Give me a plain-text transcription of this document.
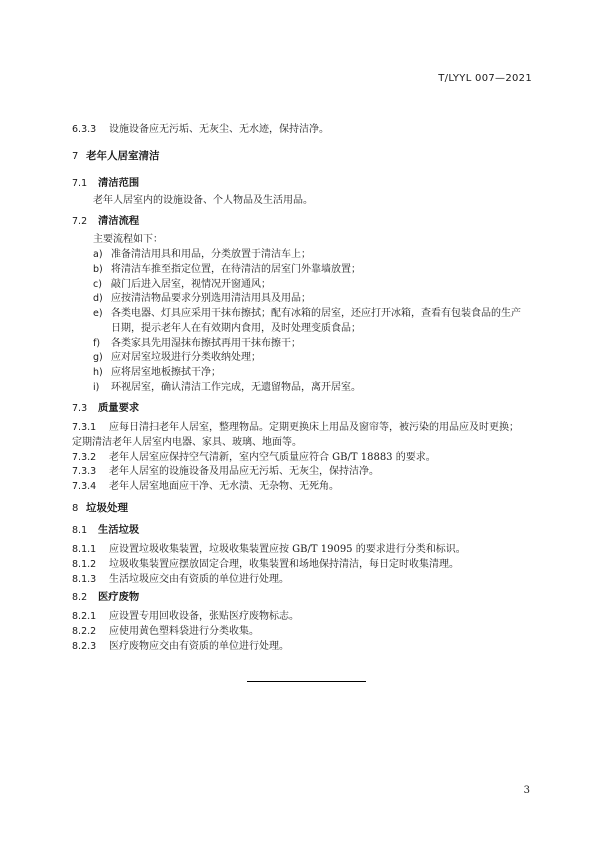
T/LYYL 007—2021
6.3.3 设施设备应无污垢、无灰尘、无水迹，保持洁净。
7 老年人居室清洁
7.1 清洁范围
老年人居室内的设施设备、个人物品及生活用品。
7.2 清洁流程
主要流程如下：
a) 准备清洁用具和用品，分类放置于清洁车上；
b) 将清洁车推至指定位置，在待清洁的居室门外靠墙放置；
c) 敲门后进入居室，视情况开窗通风；
d) 应按清洁物品要求分别选用清洁用具及用品；
e) 各类电器、灯具应采用干抹布擦拭；配有冰箱的居室，还应打开冰箱，查看有包装食品的生产
日期，提示老年人在有效期内食用，及时处理变质食品；
f) 各类家具先用湿抹布擦拭再用干抹布擦干；
g) 应对居室垃圾进行分类收纳处理；
h) 应将居室地板擦拭干净；
i) 环视居室，确认清洁工作完成，无遗留物品，离开居室。
7.3 质量要求
7.3.1 应每日清扫老年人居室，整理物品。定期更换床上用品及窗帘等，被污染的用品应及时更换；
定期清洁老年人居室内电器、家具、玻璃、地面等。
7.3.2 老年人居室应保持空气清新，室内空气质量应符合 GB/T 18883 的要求。
7.3.3 老年人居室的设施设备及用品应无污垢、无灰尘，保持洁净。
7.3.4 老年人居室地面应干净、无水渍、无杂物、无死角。
8 垃圾处理
8.1 生活垃圾
8.1.1 应设置垃圾收集装置，垃圾收集装置应按 GB/T 19095 的要求进行分类和标识。
8.1.2 垃圾收集装置应摆放固定合理，收集装置和场地保持清洁，每日定时收集清理。
8.1.3 生活垃圾应交由有资质的单位进行处理。
8.2 医疗废物
8.2.1 应设置专用回收设备，张贴医疗废物标志。
8.2.2 应使用黄色塑料袋进行分类收集。
8.2.3 医疗废物应交由有资质的单位进行处理。
3
